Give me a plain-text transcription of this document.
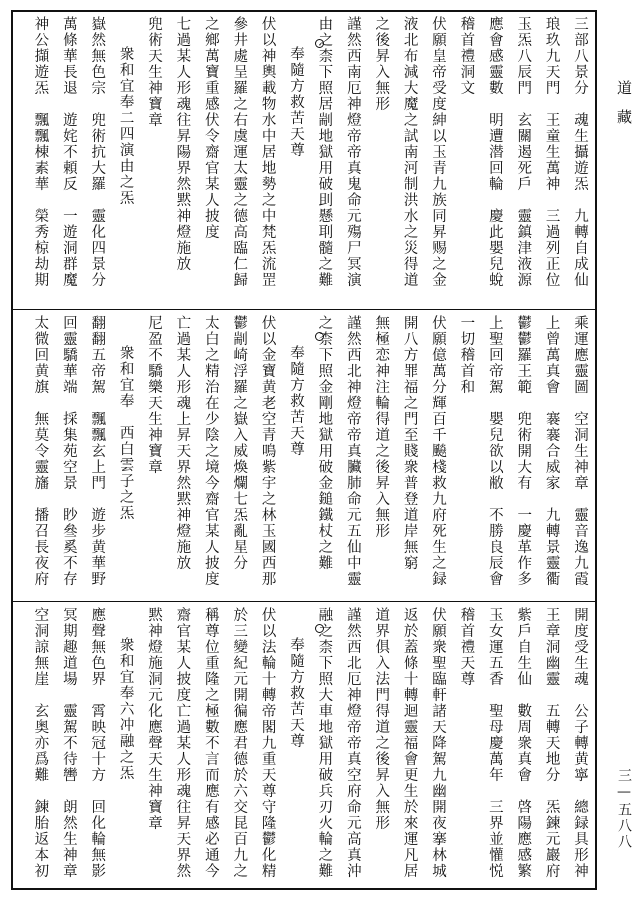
三部八景分　魂生攝遊炁　九轉自成仙
琅玖九天門　王童生萬神　三過列正位
玉炁八辰門　玄關遏死戶　靈鎮津液源
應會感靈數　明遭潜回輪　慶此嬰兒蛻
稽首禮洞文
伏願皇帝受度紳以玉青九族同昇赐之金
液北布減大魔之試南河制洪水之災得道
之後昇入無形
謹然西南厄神燈帝帝真鬼命元殤尸冥演
由之柰下照居剬地獄用破刞懸刵髓之難
奉隨方救苦天尊
伏以神輿載物水中居地勢之中梵炁流罡
參井處呈羅之右虞運太靈之德高臨仁歸
之鄉萬寶重感伏令齋官某人披度
七過某人形魂往昇陽界然黙神燈施放
兜術天生神寶章
衆和宜奉二四演由之炁
嶽然無色宗　兜術抗大羅　靈化四景分
萬條華長退　遊姹不頼反　一遊洞群魔
神公擷遊炁　飄飄棟素華　榮秀椋劫期
乘運應靈圖　空洞生神章　靈音逸九霞
上曾萬真會　褰褰合威家　九轉景靈衢
鬱鬱羅王範　兜術開大有　一慶革作多
上聖回帝駕　嬰兒欲以敝　不勝良辰會
一切稽首和
伏願億萬分輝百千飈棧救九府死生之録
開八方罪福之門至賤衆普登道岸無窮
無極恋神注輪得道之後昇入無形
謹然西北神燈帝帝真臟肺命元五仙中靈
之柰下照金剛地獄用破金鎚鐵杖之難
奉隨方救苦天尊
伏以金寶黄老空青鳴紫宇之林玉國西那
鬱剬崎浮羅之嶽入威煥爛七炁亂星分
太白之精治在少陰之境今齋官某人披度
亡過某人形魂上昇天界然黙神燈施放
尼盈不驕樂天生神寶章
衆和宜奉　西白雲子之炁
翻翻五帝駕　飄飄玄上門　遊步黄華野
回靈驕華端　採集苑空景　眇叄奚不存
太微回黄旗　無莫令靈旛　播召長夜府
開度受生魂　公子轉黄寧　總録具形神
王章洞幽靈　五轉天地分　炁鍊元巖府
紫戶自生仙　數周衆真會　啓陽應感繁
玉女運五香　聖母慶萬年　三界並懽悦
稽首禮天尊
伏願衆聖臨軒諸天降駕九幽開夜搴林城
返於蓋條十轉迴靈福會更生於來運凡居
道界俱入法門得道之後昇入無形
謹然西北厄神燈帝帝真空府命元高真沖
融之柰下照大車地獄用破兵刃火輪之難
奉隨方救苦天尊
伏以法輪十轉帝閣九重天尊守隆鬱化精
於三變紀元開徧應君德於六交昆百九之
稱尊位重隆之極數不言而應有感必通今
齋官某人披度亡過某人形魂往昇天界然
黙神燈施洞元化應聲天生神寶章
衆和宜奉六冲融之炁
應聲無色界　霄映冠十方　回化輪無影
冥期趣道場　靈駕不待轡　朗然生神章
空洞諒無崖　玄奥亦爲難　鍊胎返本初
道藏
三—五八八
